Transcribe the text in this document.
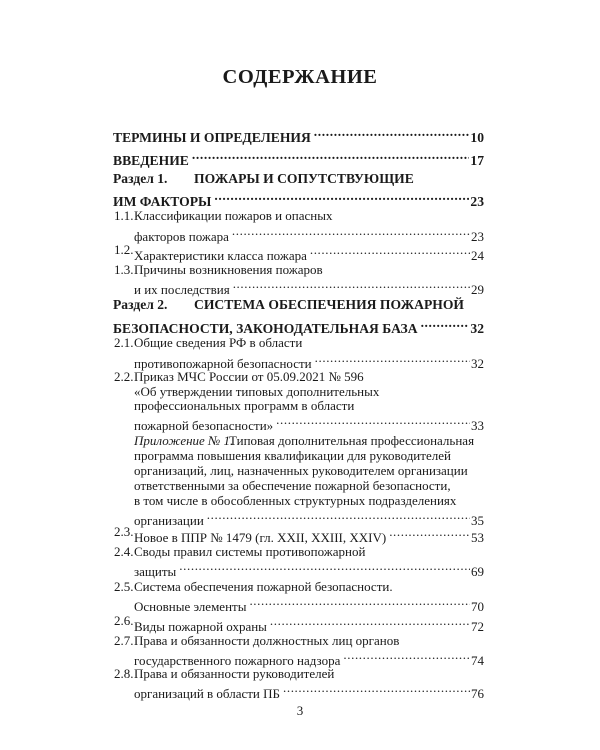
СОДЕРЖАНИЕ
ТЕРМИНЫ И ОПРЕДЕЛЕНИЯ .....	10
ВВЕДЕНИЕ .....	17
Раздел 1. ПОЖАРЫ И СОПУТСТВУЮЩИЕ
ИМ ФАКТОРЫ .....	23
1.1. Классификации пожаров и опасных
факторов пожара .....	23
1.2. Характеристики класса пожара .....	24
1.3. Причины возникновения пожаров
и их последствия .....	29
Раздел 2. СИСТЕМА ОБЕСПЕЧЕНИЯ ПОЖАРНОЙ
БЕЗОПАСНОСТИ, ЗАКОНОДАТЕЛЬНАЯ БАЗА .....	32
2.1. Общие сведения РФ в области
противопожарной безопасности .....	32
2.2. Приказ МЧС России от 05.09.2021 № 596
«Об утверждении типовых дополнительных
профессиональных программ в области
пожарной безопасности» .....	33
Приложение № 1.
Типовая дополнительная профессиональная
программа повышения квалификации для руководителей
организаций, лиц, назначенных руководителем организации
ответственными за обеспечение пожарной безопасности,
в том числе в обособленных структурных подразделениях
организации .....	35
2.3. Новое в ППР № 1479 (гл. XXII, XXIII, XXIV) .....	53
2.4. Своды правил системы противопожарной
защиты .....	69
2.5. Система обеспечения пожарной безопасности.
Основные элементы .....	70
2.6. Виды пожарной охраны .....	72
2.7. Права и обязанности должностных лиц органов
государственного пожарного надзора .....	74
2.8. Права и обязанности руководителей
организаций в области ПБ .....	76
3
